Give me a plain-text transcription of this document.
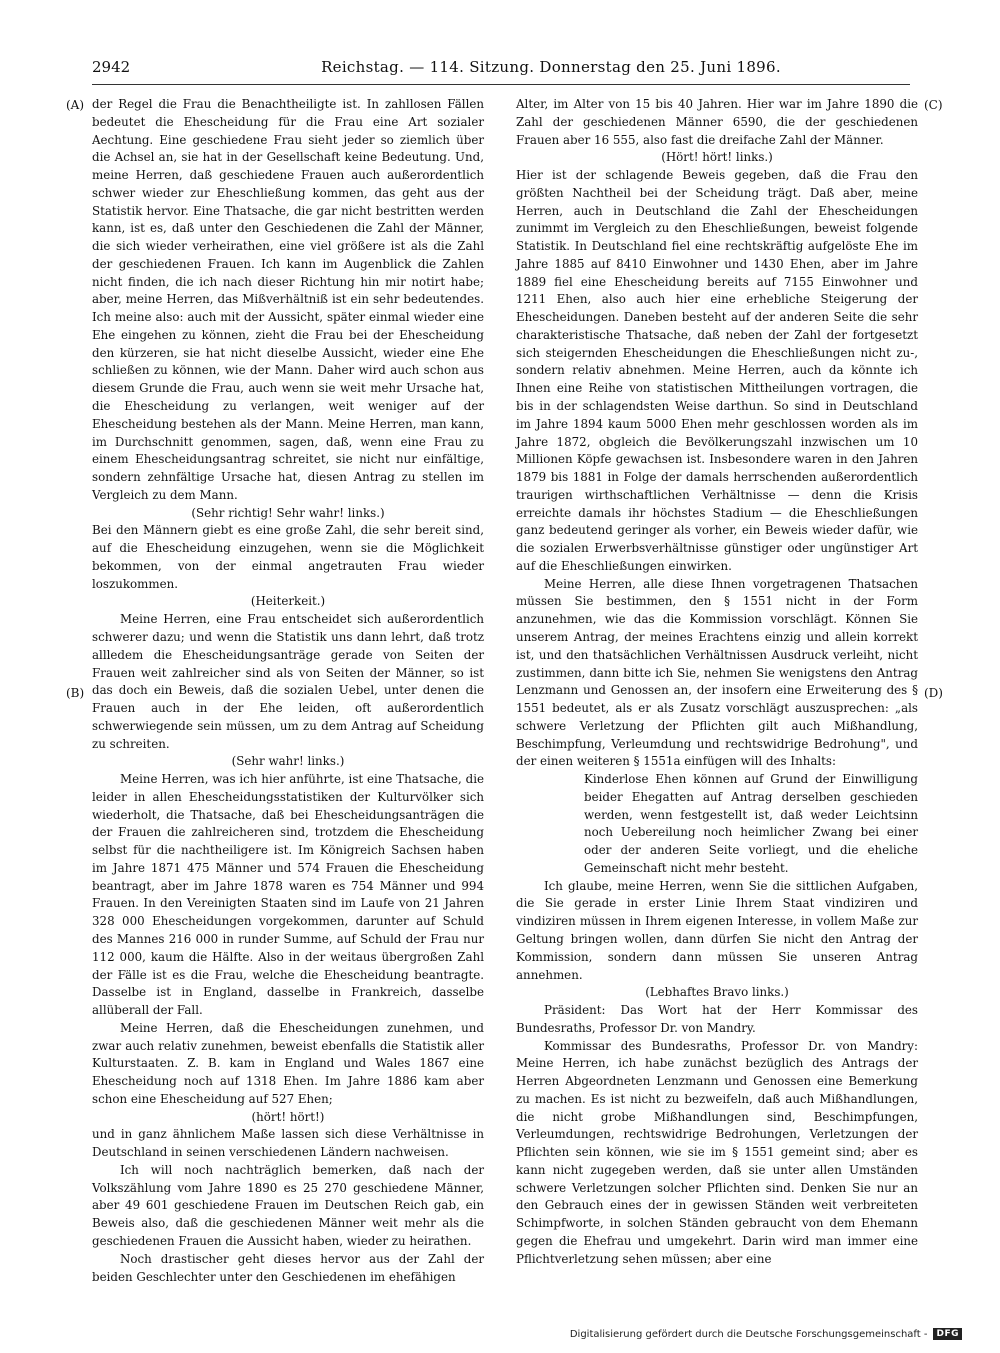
2942	Reichstag. — 114. Sitzung. Donnerstag den 25. Juni 1896.
(A)
(B)
(C)
(D)

der Regel die Frau die Benachtheiligte ist. In zahllosen Fällen bedeutet die Ehescheidung für die Frau eine Art sozialer Aechtung. Eine geschiedene Frau sieht jeder so ziemlich über die Achsel an, sie hat in der Gesellschaft keine Bedeutung. Und, meine Herren, daß geschiedene Frauen auch außerordentlich schwer wieder zur Eheschließung kommen, das geht aus der Statistik hervor. Eine Thatsache, die gar nicht bestritten werden kann, ist es, daß unter den Geschiedenen die Zahl der Männer, die sich wieder verheirathen, eine viel größere ist als die Zahl der geschiedenen Frauen. Ich kann im Augenblick die Zahlen nicht finden, die ich nach dieser Richtung hin mir notirt habe; aber, meine Herren, das Mißverhältniß ist ein sehr bedeutendes. Ich meine also: auch mit der Aussicht, später einmal wieder eine Ehe eingehen zu können, zieht die Frau bei der Ehescheidung den kürzeren, sie hat nicht dieselbe Aussicht, wieder eine Ehe schließen zu können, wie der Mann. Daher wird auch schon aus diesem Grunde die Frau, auch wenn sie weit mehr Ursache hat, die Ehescheidung zu verlangen, weit weniger auf der Ehescheidung bestehen als der Mann. Meine Herren, man kann, im Durchschnitt genommen, sagen, daß, wenn eine Frau zu einem Ehescheidungsantrag schreitet, sie nicht nur einfältige, sondern zehnfältige Ursache hat, diesen Antrag zu stellen im Vergleich zu dem Mann.

(Sehr richtig! Sehr wahr! links.)

Bei den Männern giebt es eine große Zahl, die sehr bereit sind, auf die Ehescheidung einzugehen, wenn sie die Möglichkeit bekommen, von der einmal angetrauten Frau wieder loszukommen.

(Heiterkeit.)

Meine Herren, eine Frau entscheidet sich außerordentlich schwerer dazu; und wenn die Statistik uns dann lehrt, daß trotz allledem die Ehescheidungsanträge gerade von Seiten der Frauen weit zahlreicher sind als von Seiten der Männer, so ist das doch ein Beweis, daß die sozialen Uebel, unter denen die Frauen auch in der Ehe leiden, oft außerordentlich schwerwiegende sein müssen, um zu dem Antrag auf Scheidung zu schreiten.

(Sehr wahr! links.)

Meine Herren, was ich hier anführte, ist eine Thatsache, die leider in allen Ehescheidungsstatistiken der Kulturvölker sich wiederholt, die Thatsache, daß bei Ehescheidungsanträgen die der Frauen die zahlreicheren sind, trotzdem die Ehescheidung selbst für die nachtheiligere ist. Im Königreich Sachsen haben im Jahre 1871 475 Männer und 574 Frauen die Ehescheidung beantragt, aber im Jahre 1878 waren es 754 Männer und 994 Frauen. In den Vereinigten Staaten sind im Laufe von 21 Jahren 328 000 Ehescheidungen vorgekommen, darunter auf Schuld des Mannes 216 000 in runder Summe, auf Schuld der Frau nur 112 000, kaum die Hälfte. Also in der weitaus übergroßen Zahl der Fälle ist es die Frau, welche die Ehescheidung beantragte. Dasselbe ist in England, dasselbe in Frankreich, dasselbe allüberall der Fall.

Meine Herren, daß die Ehescheidungen zunehmen, und zwar auch relativ zunehmen, beweist ebenfalls die Statistik aller Kulturstaaten. Z. B. kam in England und Wales 1867 eine Ehescheidung noch auf 1318 Ehen. Im Jahre 1886 kam aber schon eine Ehescheidung auf 527 Ehen;

(hört! hört!)

und in ganz ähnlichem Maße lassen sich diese Verhältnisse in Deutschland in seinen verschiedenen Ländern nachweisen.

Ich will noch nachträglich bemerken, daß nach der Volkszählung vom Jahre 1890 es 25 270 geschiedene Männer, aber 49 601 geschiedene Frauen im Deutschen Reich gab, ein Beweis also, daß die geschiedenen Männer weit mehr als die geschiedenen Frauen die Aussicht haben, wieder zu heirathen.

Noch drastischer geht dieses hervor aus der Zahl der beiden Geschlechter unter den Geschiedenen im ehefähigen

Alter, im Alter von 15 bis 40 Jahren. Hier war im Jahre 1890 die Zahl der geschiedenen Männer 6590, die der geschiedenen Frauen aber 16 555, also fast die dreifache Zahl der Männer.

(Hört! hört! links.)

Hier ist der schlagende Beweis gegeben, daß die Frau den größten Nachtheil bei der Scheidung trägt. Daß aber, meine Herren, auch in Deutschland die Zahl der Ehescheidungen zunimmt im Vergleich zu den Eheschließungen, beweist folgende Statistik. In Deutschland fiel eine rechtskräftig aufgelöste Ehe im Jahre 1885 auf 8410 Einwohner und 1430 Ehen, aber im Jahre 1889 fiel eine Ehescheidung bereits auf 7155 Einwohner und 1211 Ehen, also auch hier eine erhebliche Steigerung der Ehescheidungen. Daneben besteht auf der anderen Seite die sehr charakteristische Thatsache, daß neben der Zahl der fortgesetzt sich steigernden Ehescheidungen die Eheschließungen nicht zu-, sondern relativ abnehmen. Meine Herren, auch da könnte ich Ihnen eine Reihe von statistischen Mittheilungen vortragen, die bis in der schlagendsten Weise darthun. So sind in Deutschland im Jahre 1894 kaum 5000 Ehen mehr geschlossen worden als im Jahre 1872, obgleich die Bevölkerungszahl inzwischen um 10 Millionen Köpfe gewachsen ist. Insbesondere waren in den Jahren 1879 bis 1881 in Folge der damals herrschenden außerordentlich traurigen wirthschaftlichen Verhältnisse — denn die Krisis erreichte damals ihr höchstes Stadium — die Eheschließungen ganz bedeutend geringer als vorher, ein Beweis wieder dafür, wie die sozialen Erwerbsverhältnisse günstiger oder ungünstiger Art auf die Eheschließungen einwirken.

Meine Herren, alle diese Ihnen vorgetragenen Thatsachen müssen Sie bestimmen, den § 1551 nicht in der Form anzunehmen, wie das die Kommission vorschlägt. Können Sie unserem Antrag, der meines Erachtens einzig und allein korrekt ist, und den thatsächlichen Verhältnissen Ausdruck verleiht, nicht zustimmen, dann bitte ich Sie, nehmen Sie wenigstens den Antrag Lenzmann und Genossen an, der insofern eine Erweiterung des § 1551 bedeutet, als er als Zusatz vorschlägt auszusprechen: „als schwere Verletzung der Pflichten gilt auch Mißhandlung, Beschimpfung, Verleumdung und rechtswidrige Bedrohung", und der einen weiteren § 1551a einfügen will des Inhalts:

Kinderlose Ehen können auf Grund der Einwilligung beider Ehegatten auf Antrag derselben geschieden werden, wenn festgestellt ist, daß weder Leichtsinn noch Uebereilung noch heimlicher Zwang bei einer oder der anderen Seite vorliegt, und die eheliche Gemeinschaft nicht mehr besteht.

Ich glaube, meine Herren, wenn Sie die sittlichen Aufgaben, die Sie gerade in erster Linie Ihrem Staat vindiziren und vindiziren müssen in Ihrem eigenen Interesse, in vollem Maße zur Geltung bringen wollen, dann dürfen Sie nicht den Antrag der Kommission, sondern dann müssen Sie unseren Antrag annehmen.

(Lebhaftes Bravo links.)

Präsident: Das Wort hat der Herr Kommissar des Bundesraths, Professor Dr. von Mandry.

Kommissar des Bundesraths, Professor Dr. von Mandry: Meine Herren, ich habe zunächst bezüglich des Antrags der Herren Abgeordneten Lenzmann und Genossen eine Bemerkung zu machen. Es ist nicht zu bezweifeln, daß auch Mißhandlungen, die nicht grobe Mißhandlungen sind, Beschimpfungen, Verleumdungen, rechtswidrige Bedrohungen, Verletzungen der Pflichten sein können, wie sie im § 1551 gemeint sind; aber es kann nicht zugegeben werden, daß sie unter allen Umständen schwere Verletzungen solcher Pflichten sind. Denken Sie nur an den Gebrauch eines der in gewissen Ständen weit verbreiteten Schimpfworte, in solchen Ständen gebraucht von dem Ehemann gegen die Ehefrau und umgekehrt. Darin wird man immer eine Pflichtverletzung sehen müssen; aber eine

Digitalisierung gefördert durch die Deutsche Forschungsgemeinschaft -	DFG
